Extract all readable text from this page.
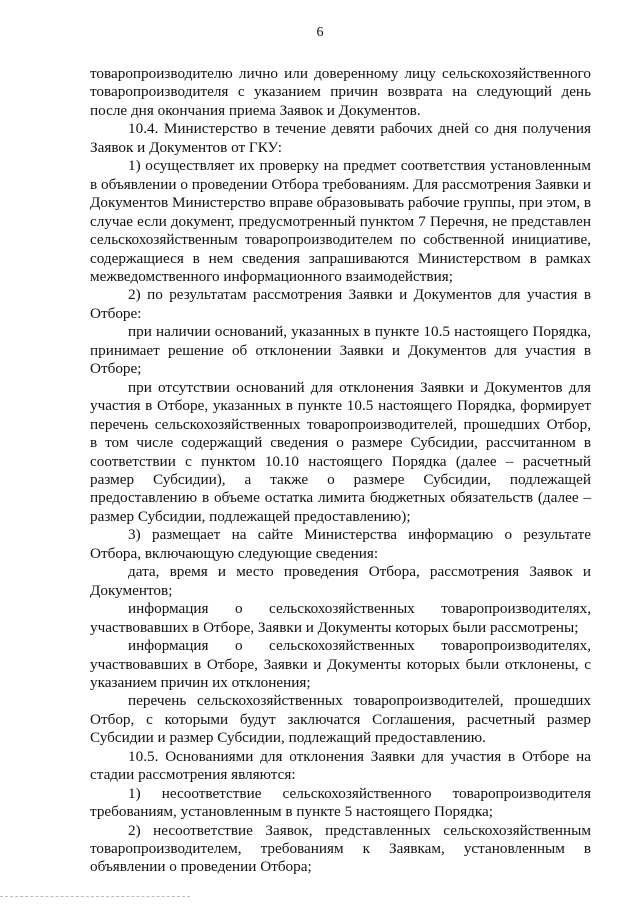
6

товаропроизводителю лично или доверенному лицу сельскохозяйственного товаропроизводителя с указанием причин возврата на следующий день после дня окончания приема Заявок и Документов.

10.4. Министерство в течение девяти рабочих дней со дня получения Заявок и Документов от ГКУ:

1) осуществляет их проверку на предмет соответствия установленным в объявлении о проведении Отбора требованиям. Для рассмотрения Заявки и Документов Министерство вправе образовывать рабочие группы, при этом, в случае если документ, предусмотренный пунктом 7 Перечня, не представлен сельскохозяйственным товаропроизводителем по собственной инициативе, содержащиеся в нем сведения запрашиваются Министерством в рамках межведомственного информационного взаимодействия;

2) по результатам рассмотрения Заявки и Документов для участия в Отборе:

при наличии оснований, указанных в пункте 10.5 настоящего Порядка, принимает решение об отклонении Заявки и Документов для участия в Отборе;

при отсутствии оснований для отклонения Заявки и Документов для участия в Отборе, указанных в пункте 10.5 настоящего Порядка, формирует перечень сельскохозяйственных товаропроизводителей, прошедших Отбор, в том числе содержащий сведения о размере Субсидии, рассчитанном в соответствии с пунктом 10.10 настоящего Порядка (далее – расчетный размер Субсидии), а также о размере Субсидии, подлежащей предоставлению в объеме остатка лимита бюджетных обязательств (далее – размер Субсидии, подлежащей предоставлению);

3) размещает на сайте Министерства информацию о результате Отбора, включающую следующие сведения:

дата, время и место проведения Отбора, рассмотрения Заявок и Документов;

информация о сельскохозяйственных товаропроизводителях, участвовавших в Отборе, Заявки и Документы которых были рассмотрены;

информация о сельскохозяйственных товаропроизводителях, участвовавших в Отборе, Заявки и Документы которых были отклонены, с указанием причин их отклонения;

перечень сельскохозяйственных товаропроизводителей, прошедших Отбор, с которыми будут заключатся Соглашения, расчетный размер Субсидии и размер Субсидии, подлежащий предоставлению.

10.5. Основаниями для отклонения Заявки для участия в Отборе на стадии рассмотрения являются:

1) несоответствие сельскохозяйственного товаропроизводителя требованиям, установленным в пункте 5 настоящего Порядка;

2) несоответствие Заявок, представленных сельскохозяйственным товаропроизводителем, требованиям к Заявкам, установленным в объявлении о проведении Отбора;
